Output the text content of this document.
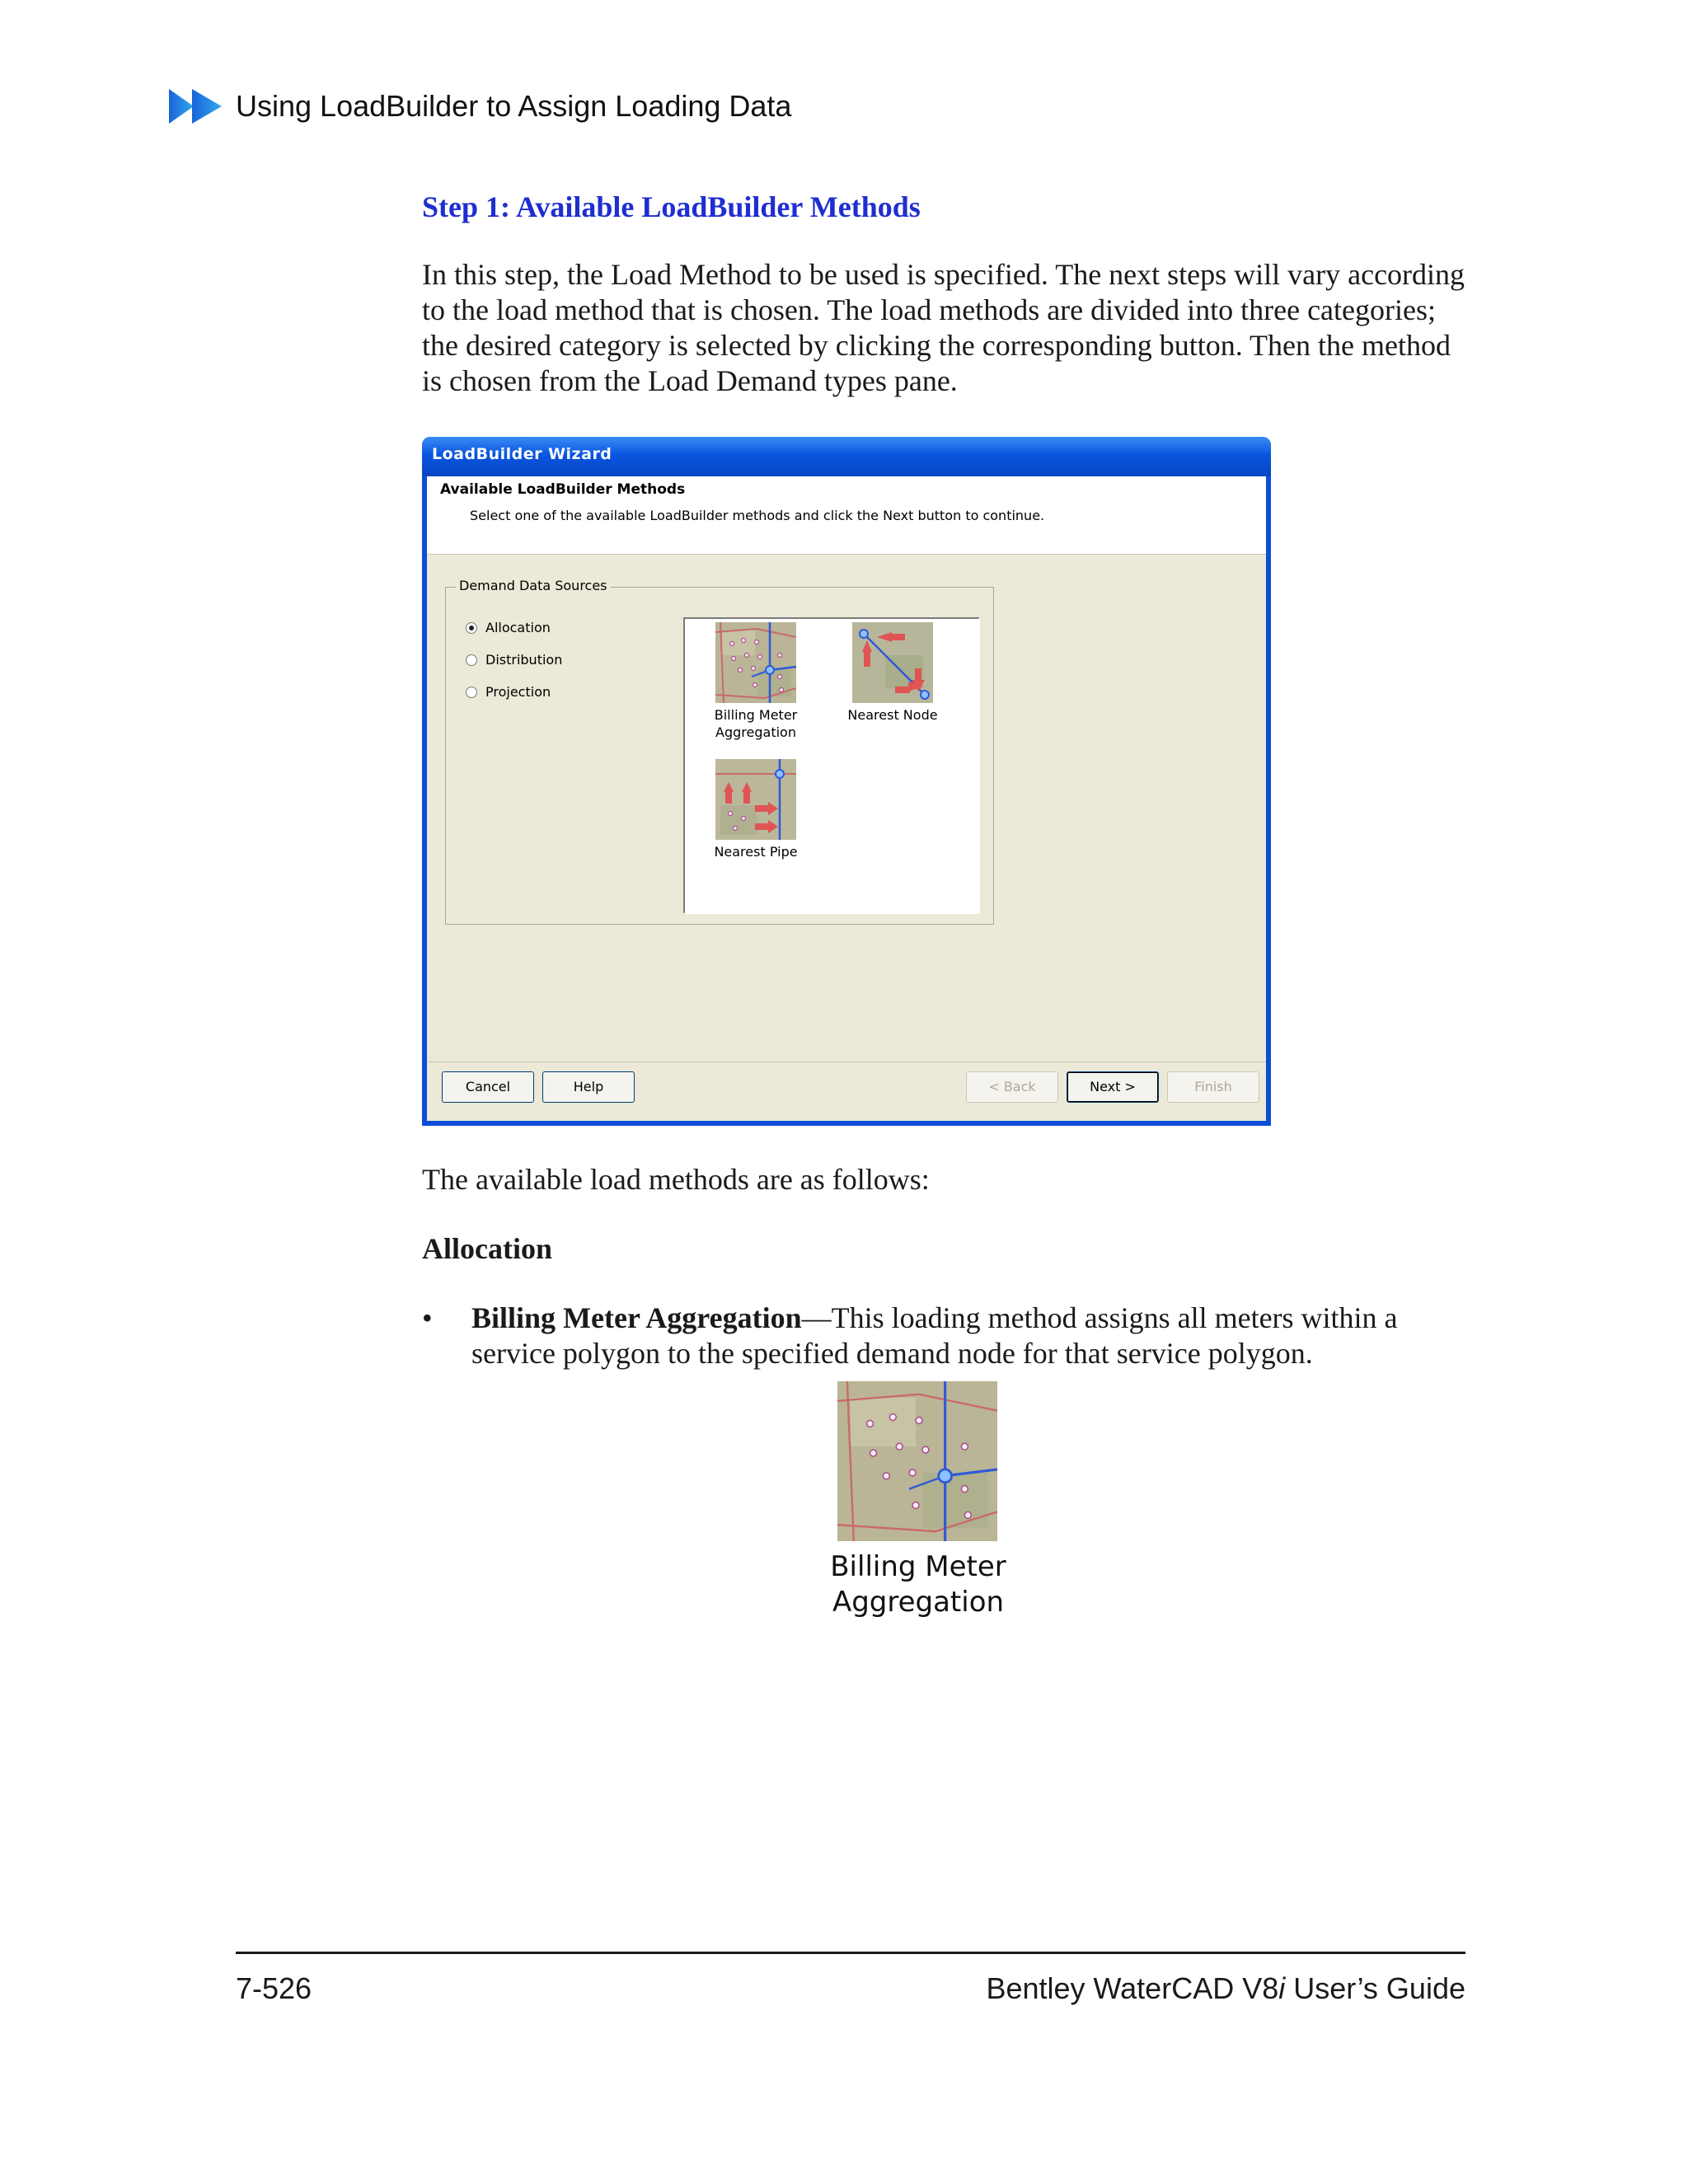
Using LoadBuilder to Assign Loading Data
Step 1: Available LoadBuilder Methods

In this step, the Load Method to be used is specified. The next steps will vary according to the load method that is chosen. The load methods are divided into three categories; the desired category is selected by clicking the corresponding button. Then the method is chosen from the Load Demand types pane.

LoadBuilder Wizard
Available LoadBuilder Methods
Select one of the available LoadBuilder methods and click the Next button to continue.
Demand Data Sources
Allocation
Distribution
Projection
Billing Meter Aggregation
Nearest Node
Nearest Pipe
Cancel	Help	< Back	Next >	Finish
The available load methods are as follows:
Allocation
• Billing Meter Aggregation—This loading method assigns all meters within a service polygon to the specified demand node for that service polygon.

Billing Meter Aggregation
7-526	Bentley WaterCAD V8i User’s Guide
